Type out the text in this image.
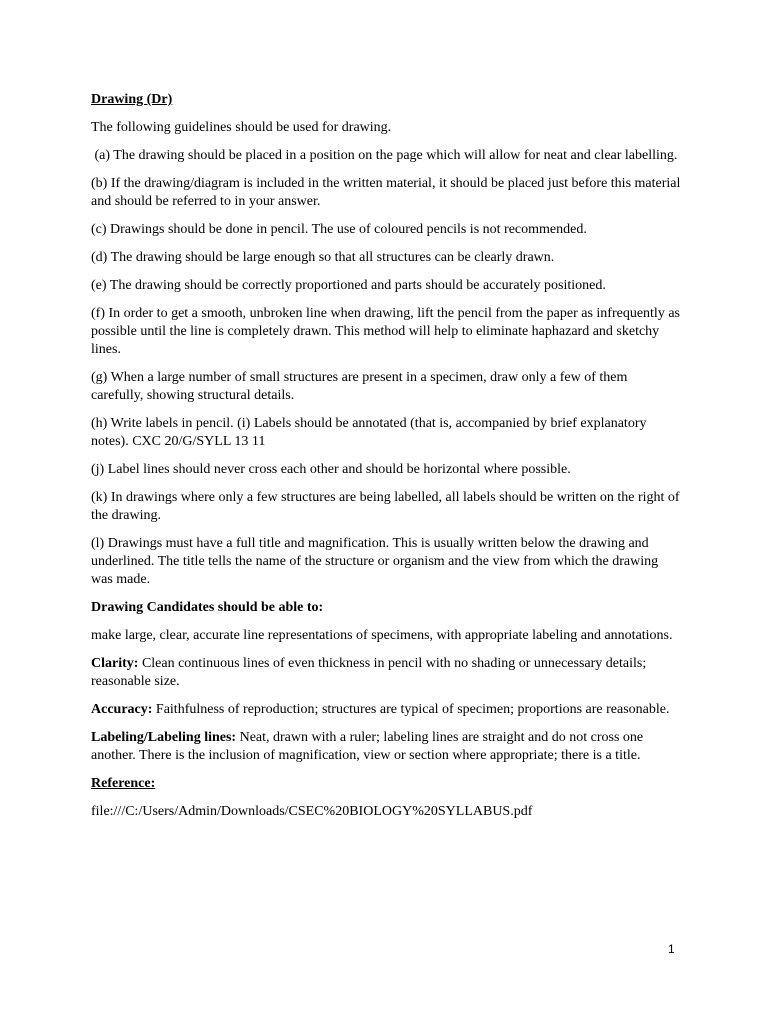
Drawing (Dr)

The following guidelines should be used for drawing.

(a) The drawing should be placed in a position on the page which will allow for neat and clear labelling.

(b) If the drawing/diagram is included in the written material, it should be placed just before this material and should be referred to in your answer.

(c) Drawings should be done in pencil. The use of coloured pencils is not recommended.

(d) The drawing should be large enough so that all structures can be clearly drawn.

(e) The drawing should be correctly proportioned and parts should be accurately positioned.

(f) In order to get a smooth, unbroken line when drawing, lift the pencil from the paper as infrequently as possible until the line is completely drawn. This method will help to eliminate haphazard and sketchy lines.

(g) When a large number of small structures are present in a specimen, draw only a few of them carefully, showing structural details.

(h) Write labels in pencil. (i) Labels should be annotated (that is, accompanied by brief explanatory notes). CXC 20/G/SYLL 13 11

(j) Label lines should never cross each other and should be horizontal where possible.

(k) In drawings where only a few structures are being labelled, all labels should be written on the right of the drawing.

(l) Drawings must have a full title and magnification. This is usually written below the drawing and underlined. The title tells the name of the structure or organism and the view from which the drawing was made.

Drawing Candidates should be able to:

make large, clear, accurate line representations of specimens, with appropriate labeling and annotations.

Clarity: Clean continuous lines of even thickness in pencil with no shading or unnecessary details; reasonable size.

Accuracy: Faithfulness of reproduction; structures are typical of specimen; proportions are reasonable.

Labeling/Labeling lines: Neat, drawn with a ruler; labeling lines are straight and do not cross one another. There is the inclusion of magnification, view or section where appropriate; there is a title.

Reference:

file:///C:/Users/Admin/Downloads/CSEC%20BIOLOGY%20SYLLABUS.pdf

1
